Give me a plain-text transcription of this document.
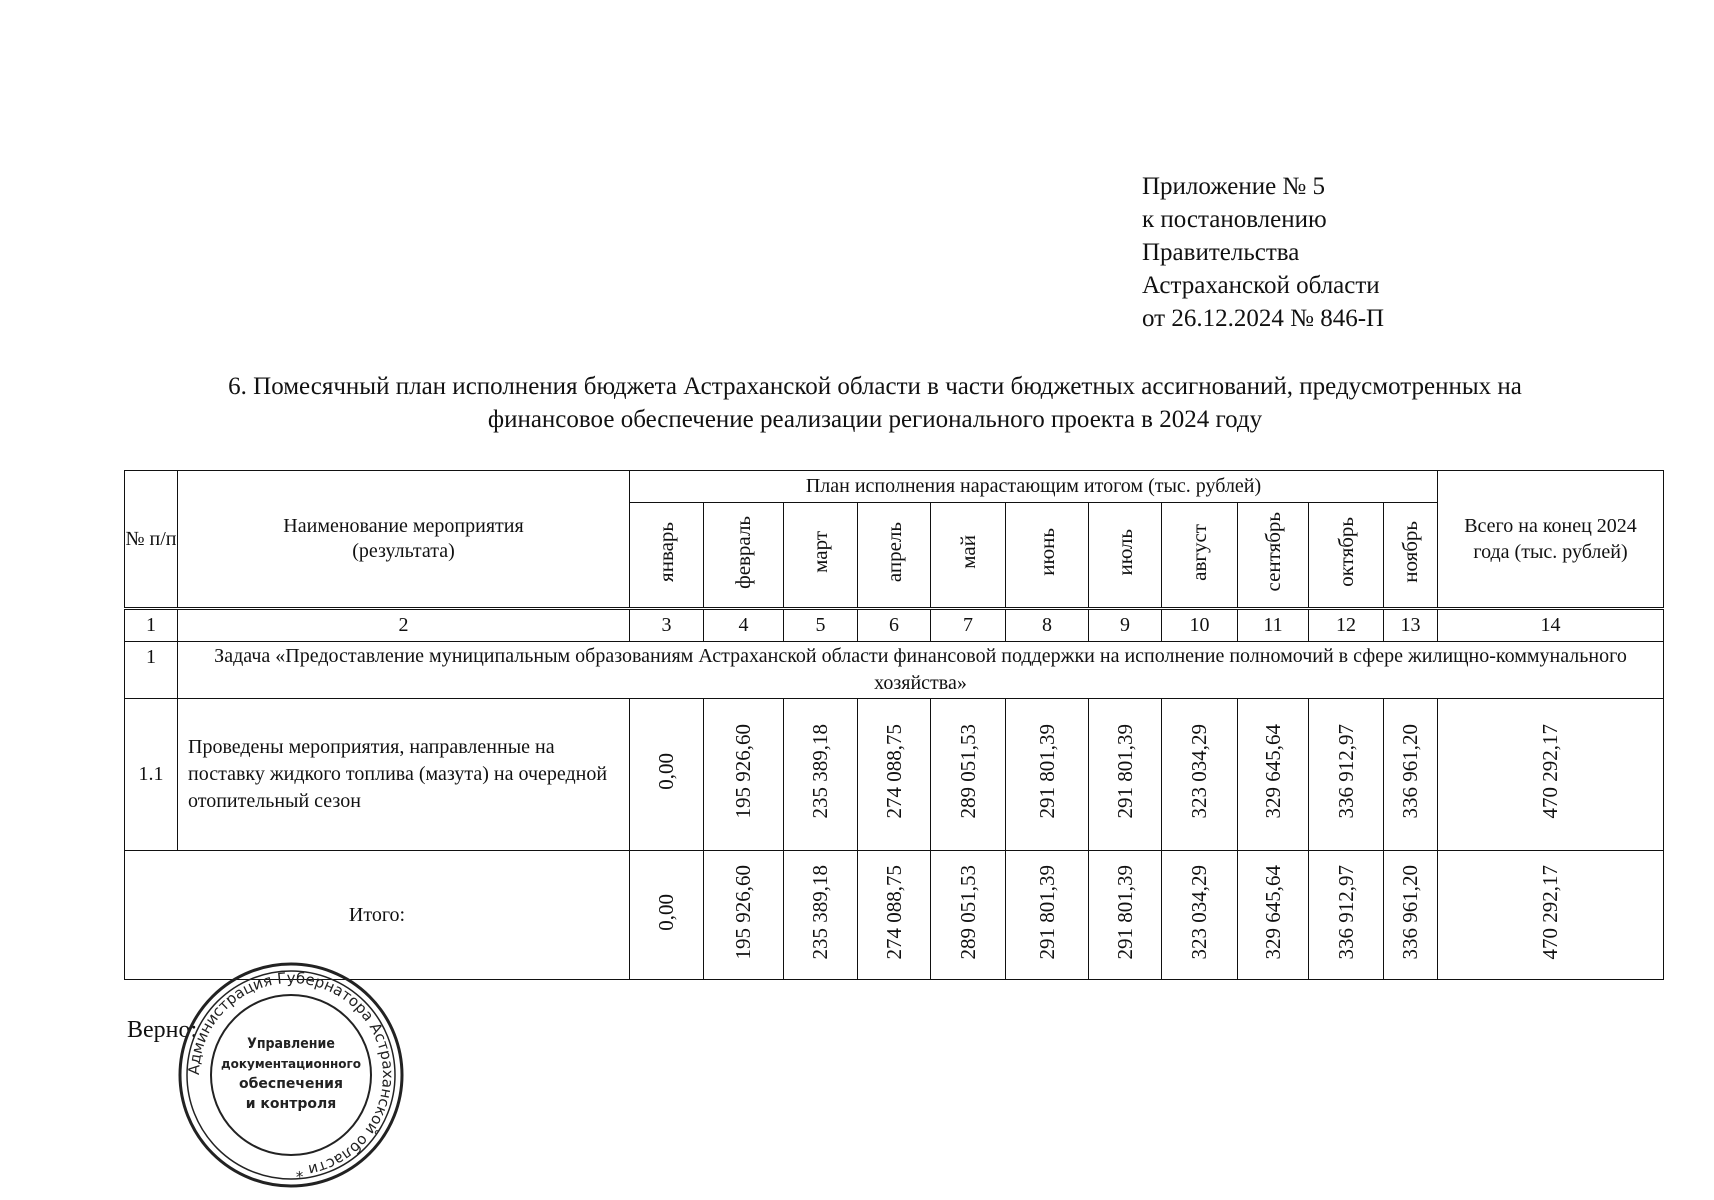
Приложение № 5
к постановлению
Правительства
Астраханской области
от 26.12.2024 № 846-П
6. Помесячный план исполнения бюджета Астраханской области в части бюджетных ассигнований, предусмотренных на
финансовое обеспечение реализации регионального проекта в 2024 году
№ п/п	Наименование мероприятия (результата)	План исполнения нарастающим итогом (тыс. рублей)											Всего на конец 2024 года (тыс. рублей)

		январь	февраль	март	апрель	май	июнь	июль	август	сентябрь	октябрь	ноябрь	
1	2	3	4	5	6	7	8	9	10	11	12	13	14
1	Задача «Предоставление муниципальным образованиям Астраханской области финансовой поддержки на исполнение полномочий в сфере жилищно-коммунального хозяйства»												
1.1	Проведены мероприятия, направленные на поставку жидкого топлива (мазута) на очередной отопительный сезон	0,00	195 926,60	235 389,18	274 088,75	289 051,53	291 801,39	291 801,39	323 034,29	329 645,64	336 912,97	336 961,20	470 292,17
Итого:		0,00	195 926,60	235 389,18	274 088,75	289 051,53	291 801,39	291 801,39	323 034,29	329 645,64	336 912,97	336 961,20	470 292,17
Верно:
Администрация Губернатора Астраханской области *
Управление
документационного
обеспечения
и контроля
